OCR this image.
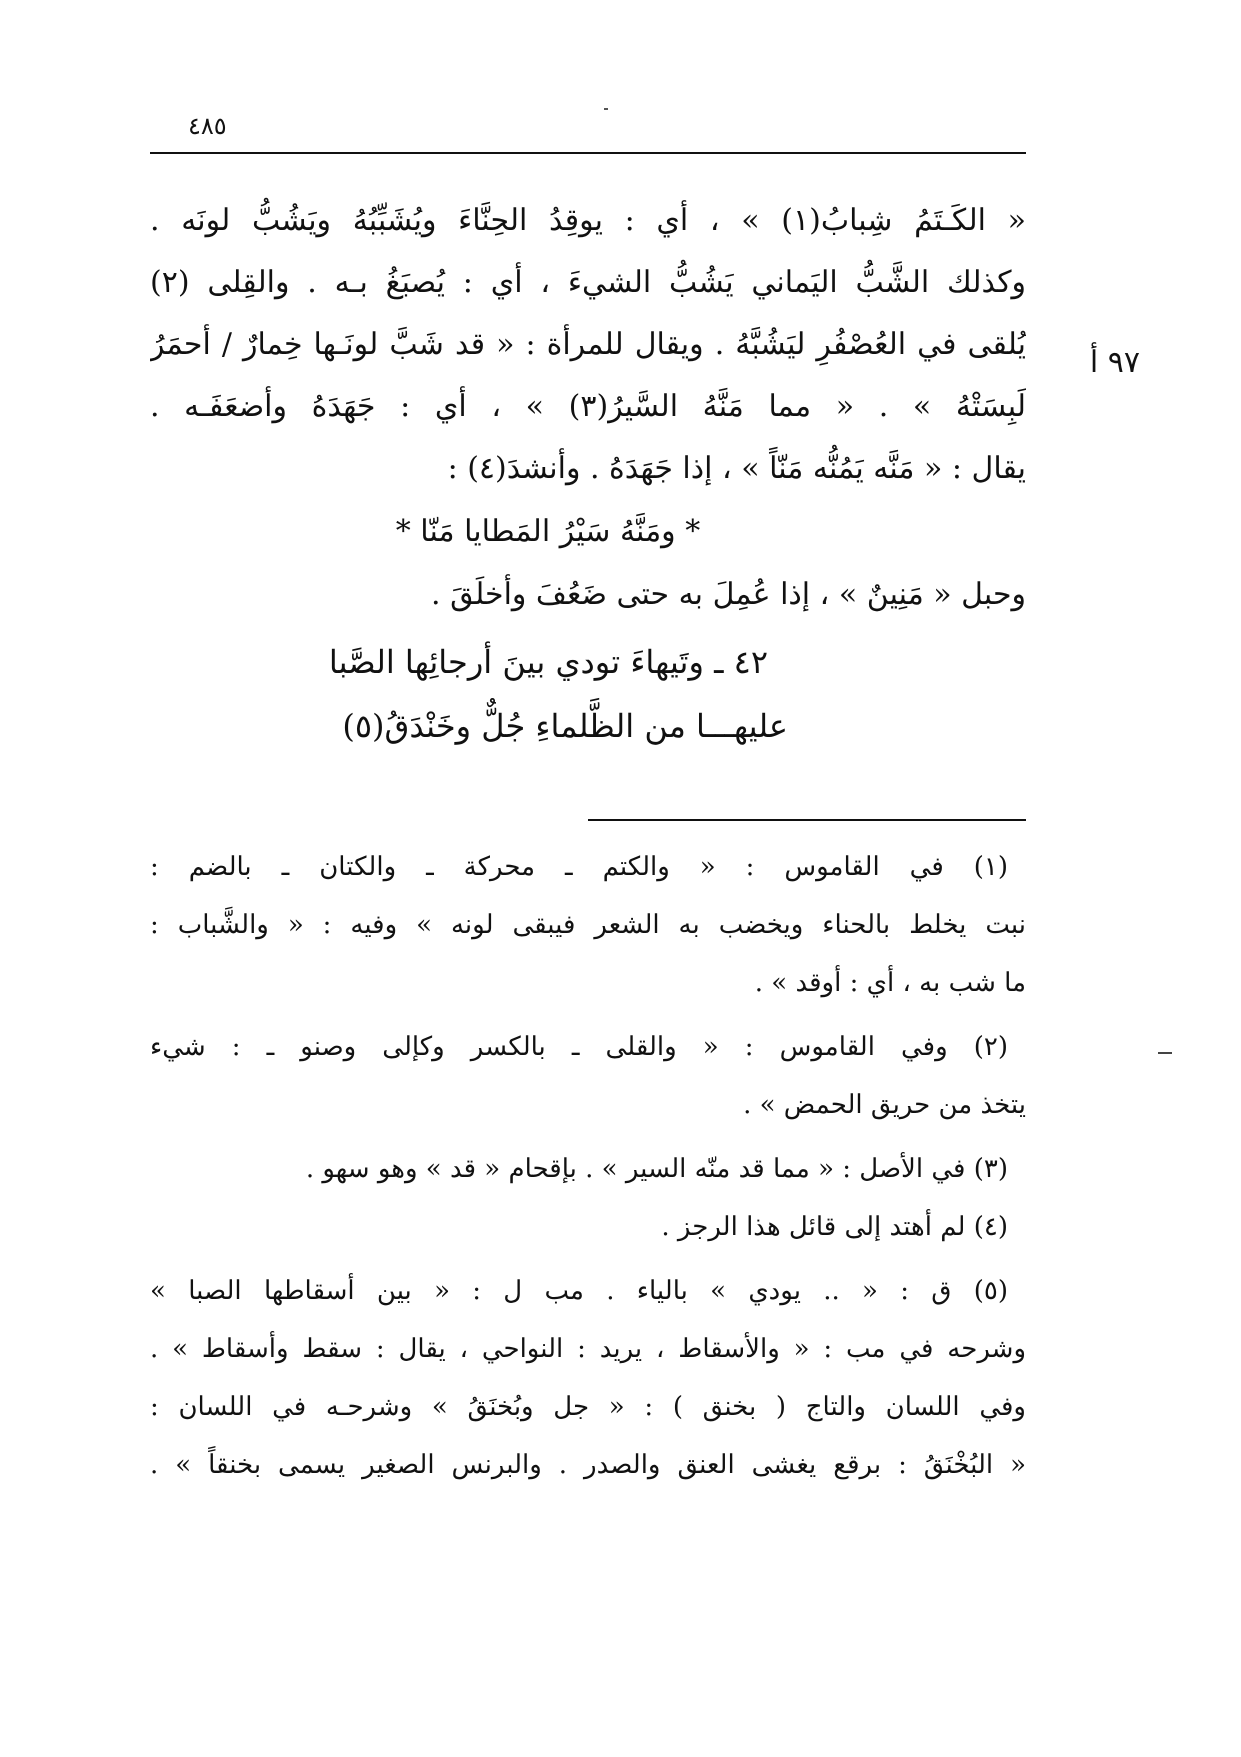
٤٨٥
٩٧ أ
« الكَـتَمُ شِبابُ(١) » ، أي : يوقِدُ الحِنَّاءَ ويُشَبِّبُهُ ويَشُبُّ لونَه .
وكذلك الشَّبُّ اليَماني يَشُبُّ الشيءَ ، أي : يُصبَغُ بـه . والقِلى (٢)
يُلقى في العُصْفُرِ ليَشُبَّهُ . ويقال للمرأة : « قد شَبَّ لونَـها خِمارٌ / أحمَرُ
لَبِسَتْهُ » . « مما مَنَّهُ السَّيرُ(٣) » ، أي : جَهَدَهُ وأضعَفَـه .
يقال : « مَنَّه يَمُنُّه مَنّاً » ، إذا جَهَدَهُ . وأنشدَ(٤) :
* ومَنَّهُ سَيْرُ المَطايا مَنّا *
وحبل « مَنِينٌ » ، إذا عُمِلَ به حتى ضَعُفَ وأخلَقَ .
٤٢ ـ وتَيهاءَ تودي بينَ أرجائِها الصَّبا
عليهـــا من الظَّلماءِ جُلٌّ وخَنْدَقُ(٥)
(١) في القاموس : « والكتم ـ محركة ـ والكتان ـ بالضم :
نبت يخلط بالحناء ويخضب به الشعر فيبقى لونه » وفيه : « والشَّباب :
ما شب به ، أي : أوقد » .
(٢) وفي القاموس : « والقلى ـ بالكسر وكإلى وصنو ـ : شيء
يتخذ من حريق الحمض » .
(٣) في الأصل : « مما قد منّه السير » . بإقحام « قد » وهو سهو .
(٤) لم أهتد إلى قائل هذا الرجز .
(٥) ق : « .. يودي » بالياء . مب ل : « بين أسقاطها الصبا »
وشرحه في مب : « والأسقاط ، يريد : النواحي ، يقال : سقط وأسقاط » .
وفي اللسان والتاج ( بخنق ) : « جل وبُخنَقُ » وشرحـه في اللسان :
« البُخْنَقُ : برقع يغشى العنق والصدر . والبرنس الصغير يسمى بخنقاً » .
